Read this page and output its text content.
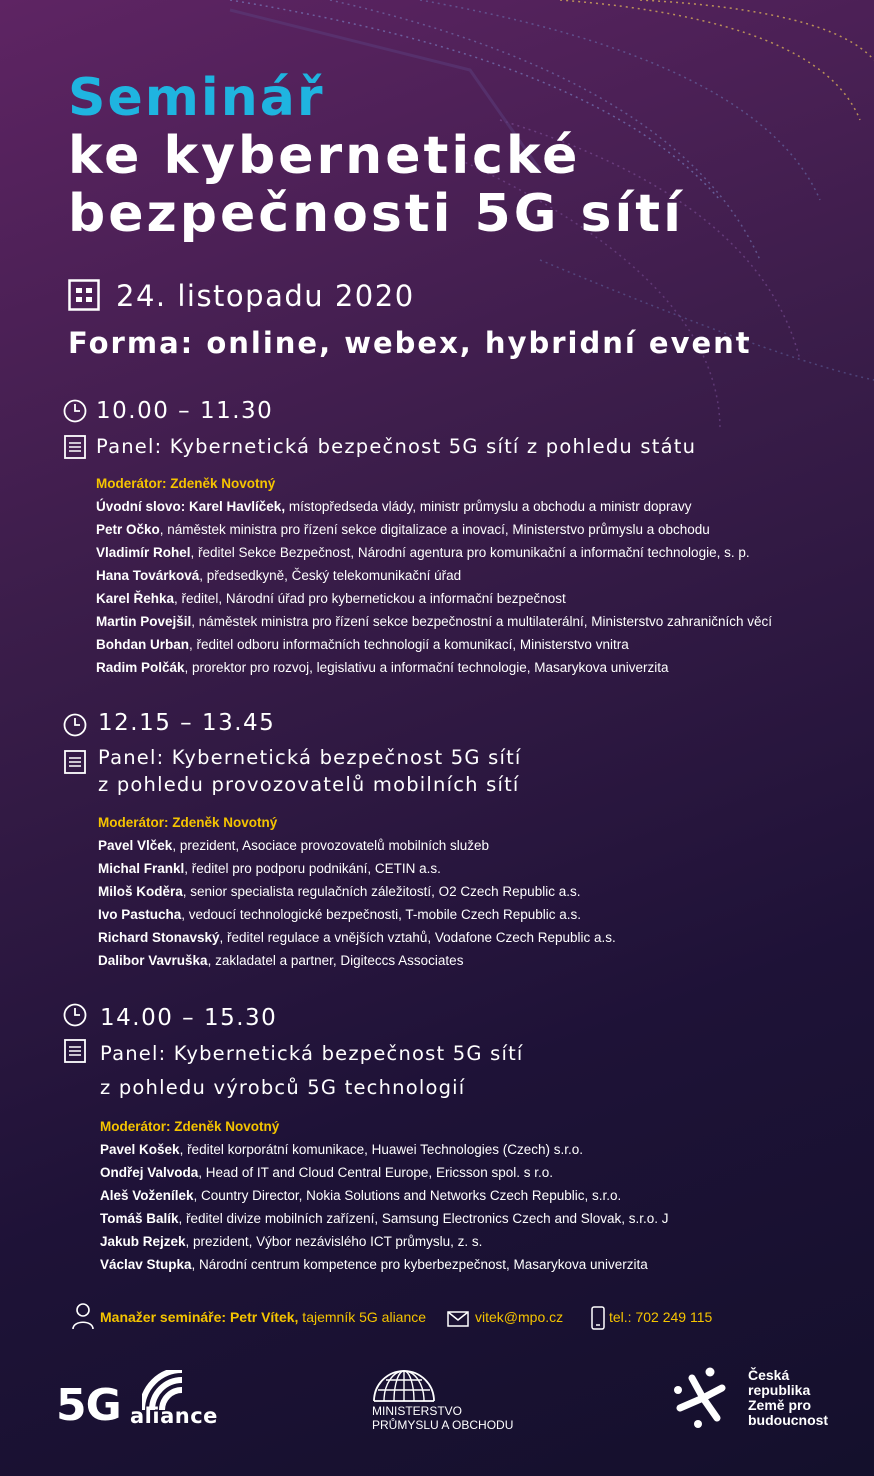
Seminář
ke kybernetické
bezpečnosti 5G sítí
24. listopadu 2020
Forma: online, webex, hybridní event
10.00 – 11.30
Panel: Kybernetická bezpečnost 5G sítí z pohledu státu
Moderátor: Zdeněk Novotný
Úvodní slovo: Karel Havlíček, místopředseda vlády, ministr průmyslu a obchodu a ministr dopravy
Petr Očko, náměstek ministra pro řízení sekce digitalizace a inovací, Ministerstvo průmyslu a obchodu
Vladimír Rohel, ředitel Sekce Bezpečnost, Národní agentura pro komunikační a informační technologie, s. p.
Hana Továrková, předsedkyně, Český telekomunikační úřad
Karel Řehka, ředitel, Národní úřad pro kybernetickou a informační bezpečnost
Martin Povejšil, náměstek ministra pro řízení sekce bezpečnostní a multilaterální, Ministerstvo zahraničních věcí
Bohdan Urban, ředitel odboru informačních technologií a komunikací, Ministerstvo vnitra
Radim Polčák, prorektor pro rozvoj, legislativu a informační technologie, Masarykova univerzita
12.15 – 13.45
Panel: Kybernetická bezpečnost 5G sítí
z pohledu provozovatelů mobilních sítí
Moderátor: Zdeněk Novotný
Pavel Vlček, prezident, Asociace provozovatelů mobilních služeb
Michal Frankl, ředitel pro podporu podnikání, CETIN a.s.
Miloš Koděra, senior specialista regulačních záležitostí, O2 Czech Republic a.s.
Ivo Pastucha, vedoucí technologické bezpečnosti, T-mobile Czech Republic a.s.
Richard Stonavský, ředitel regulace a vnějších vztahů, Vodafone Czech Republic a.s.
Dalibor Vavruška, zakladatel a partner, Digiteccs Associates
14.00 – 15.30
Panel: Kybernetická bezpečnost 5G sítí
z pohledu výrobců 5G technologií
Moderátor: Zdeněk Novotný
Pavel Košek, ředitel korporátní komunikace, Huawei Technologies (Czech) s.r.o.
Ondřej Valvoda, Head of IT and Cloud Central Europe, Ericsson spol. s r.o.
Aleš Voženílek, Country Director, Nokia Solutions and Networks Czech Republic, s.r.o.
Tomáš Balík, ředitel divize mobilních zařízení, Samsung Electronics Czech and Slovak, s.r.o. J
Jakub Rejzek, prezident, Výbor nezávislého ICT průmyslu, z. s.
Václav Stupka, Národní centrum kompetence pro kyberbezpečnost, Masarykova univerzita
Manažer semináře: Petr Vítek, tajemník 5G aliance	vitek@mpo.cz	tel.: 702 249 115
5G aliance	MINISTERSTVO
PRŮMYSLU A OBCHODU
Česká
republika
Země pro
budoucnost
